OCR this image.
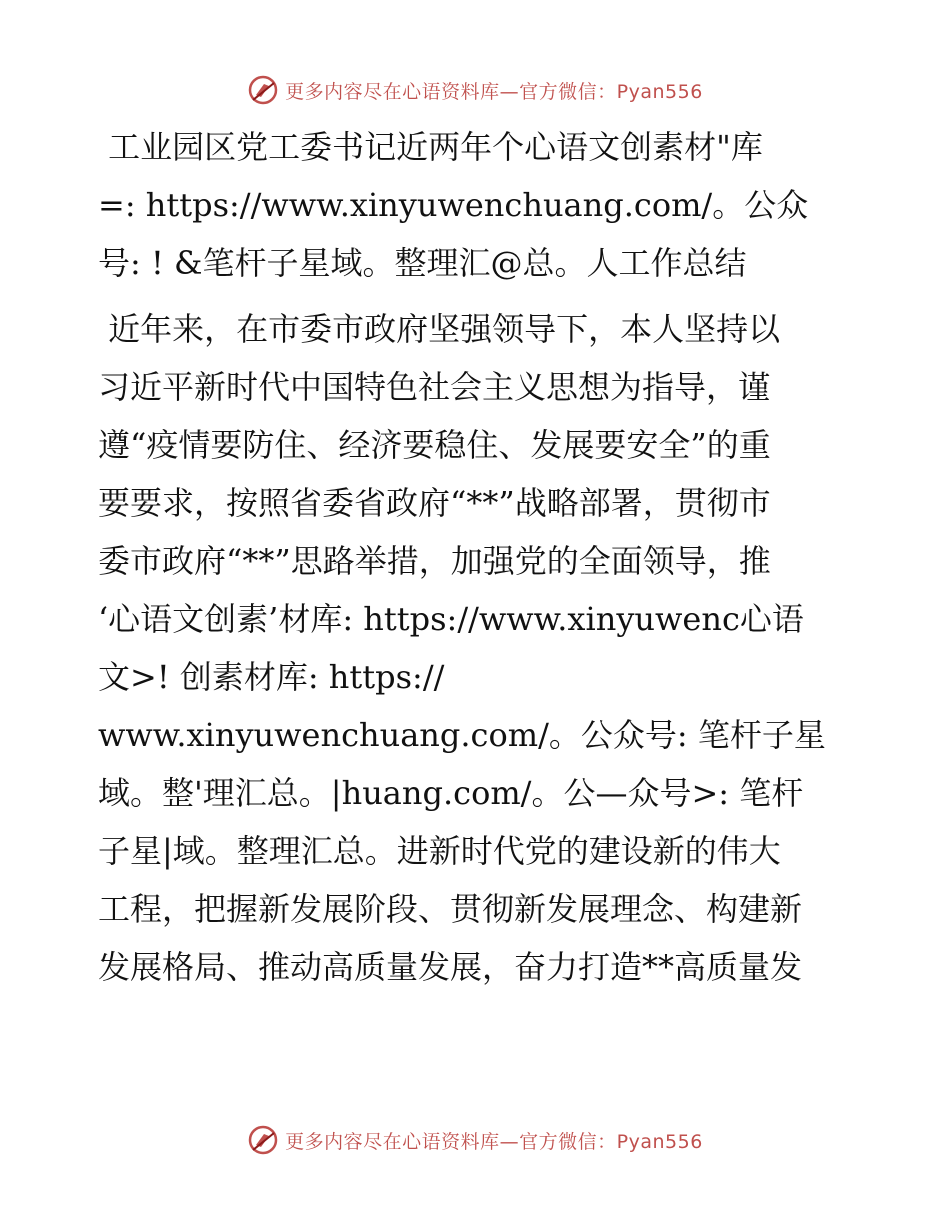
更多内容尽在心语资料库—官方微信：Pyan556

工业园区党工委书记近两年个心语文创素材"库

=: https://www.xinyuwenchuang.com/。公众

号: ! &笔杆子星域。整理汇@总。人工作总结

近年来，在市委市政府坚强领导下，本人坚持以

习近平新时代中国特色社会主义思想为指导，谨

遵“疫情要防住、经济要稳住、发展要安全”的重

要要求，按照省委省政府“**”战略部署，贯彻市

委市政府“**”思路举措，加强党的全面领导，推

‘心语文创素’材库: https://www.xinyuwenc心语

文>! 创素材库: https://

www.xinyuwenchuang.com/。公众号: 笔杆子星

域。整'理汇总。|huang.com/。公—众号>: 笔杆

子星|域。整理汇总。进新时代党的建设新的伟大

工程，把握新发展阶段、贯彻新发展理念、构建新

发展格局、推动高质量发展，奋力打造**高质量发

更多内容尽在心语资料库—官方微信：Pyan556
